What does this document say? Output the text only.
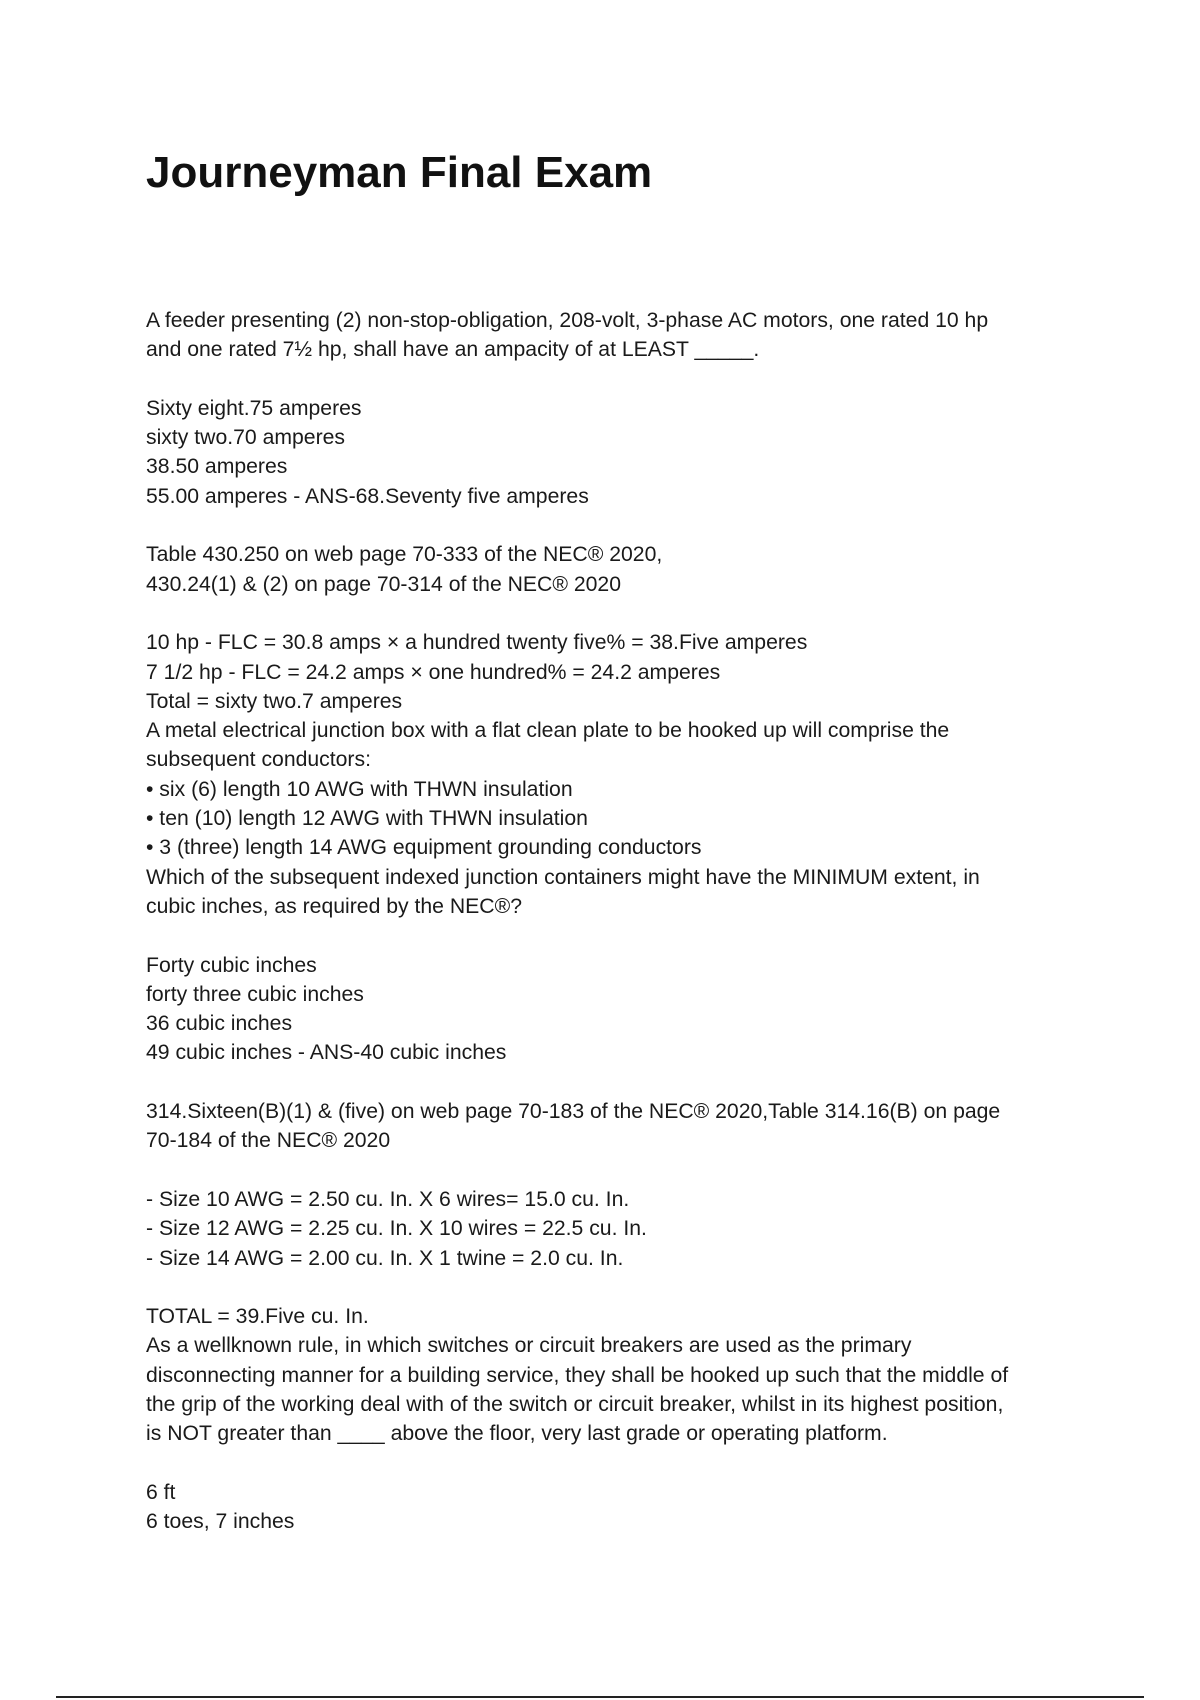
Journeyman Final Exam
A feeder presenting (2) non-stop-obligation, 208-volt, 3-phase AC motors, one rated 10 hp
and one rated 7½ hp, shall have an ampacity of at LEAST _____.
Sixty eight.75 amperes
sixty two.70 amperes
38.50 amperes
55.00 amperes - ANS-68.Seventy five amperes
Table 430.250 on web page 70-333 of the NEC® 2020,
430.24(1) & (2) on page 70-314 of the NEC® 2020
10 hp - FLC = 30.8 amps × a hundred twenty five% = 38.Five amperes
7 1/2 hp - FLC = 24.2 amps × one hundred% = 24.2 amperes
Total = sixty two.7 amperes
A metal electrical junction box with a flat clean plate to be hooked up will comprise the
subsequent conductors:
• six (6) length 10 AWG with THWN insulation
• ten (10) length 12 AWG with THWN insulation
• 3 (three) length 14 AWG equipment grounding conductors
Which of the subsequent indexed junction containers might have the MINIMUM extent, in
cubic inches, as required by the NEC®?
Forty cubic inches
forty three cubic inches
36 cubic inches
49 cubic inches - ANS-40 cubic inches
314.Sixteen(B)(1) & (five) on web page 70-183 of the NEC® 2020,Table 314.16(B) on page
70-184 of the NEC® 2020
- Size 10 AWG = 2.50 cu. In. X 6 wires= 15.0 cu. In.
- Size 12 AWG = 2.25 cu. In. X 10 wires = 22.5 cu. In.
- Size 14 AWG = 2.00 cu. In. X 1 twine = 2.0 cu. In.
TOTAL = 39.Five cu. In.
As a wellknown rule, in which switches or circuit breakers are used as the primary
disconnecting manner for a building service, they shall be hooked up such that the middle of
the grip of the working deal with of the switch or circuit breaker, whilst in its highest position,
is NOT greater than ____ above the floor, very last grade or operating platform.
6 ft
6 toes, 7 inches
